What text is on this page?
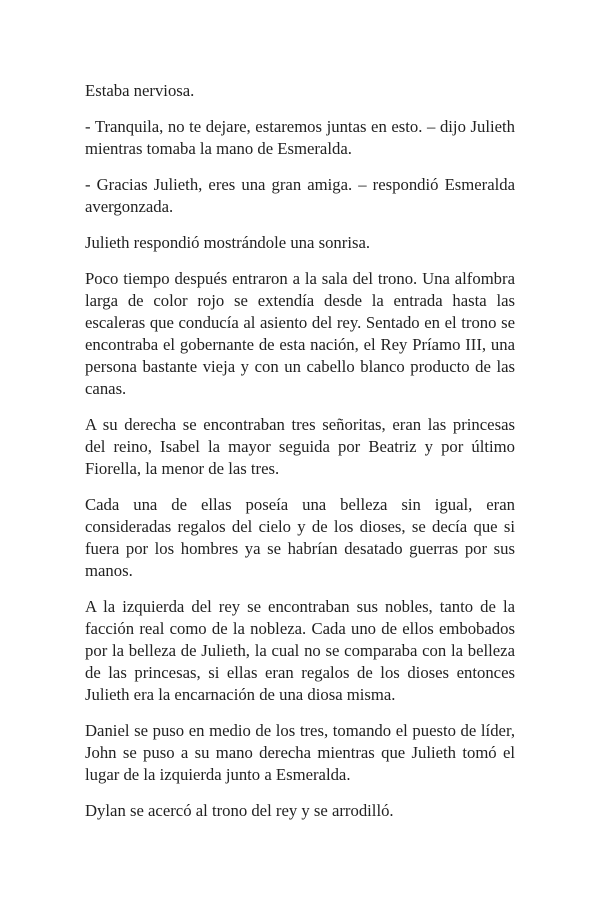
Estaba nerviosa.

- Tranquila, no te dejare, estaremos juntas en esto. – dijo Julieth mientras tomaba la mano de Esmeralda.

- Gracias Julieth, eres una gran amiga. – respondió Esmeralda avergonzada.

Julieth respondió mostrándole una sonrisa.

Poco tiempo después entraron a la sala del trono. Una alfombra larga de color rojo se extendía desde la entrada hasta las escaleras que conducía al asiento del rey. Sentado en el trono se encontraba el gobernante de esta nación, el Rey Príamo III, una persona bastante vieja y con un cabello blanco producto de las canas.

A su derecha se encontraban tres señoritas, eran las princesas del reino, Isabel la mayor seguida por Beatriz y por último Fiorella, la menor de las tres.

Cada una de ellas poseía una belleza sin igual, eran consideradas regalos del cielo y de los dioses, se decía que si fuera por los hombres ya se habrían desatado guerras por sus manos.

A la izquierda del rey se encontraban sus nobles, tanto de la facción real como de la nobleza. Cada uno de ellos embobados por la belleza de Julieth, la cual no se comparaba con la belleza de las princesas, si ellas eran regalos de los dioses entonces Julieth era la encarnación de una diosa misma.

Daniel se puso en medio de los tres, tomando el puesto de líder, John se puso a su mano derecha mientras que Julieth tomó el lugar de la izquierda junto a Esmeralda.

Dylan se acercó al trono del rey y se arrodilló.
